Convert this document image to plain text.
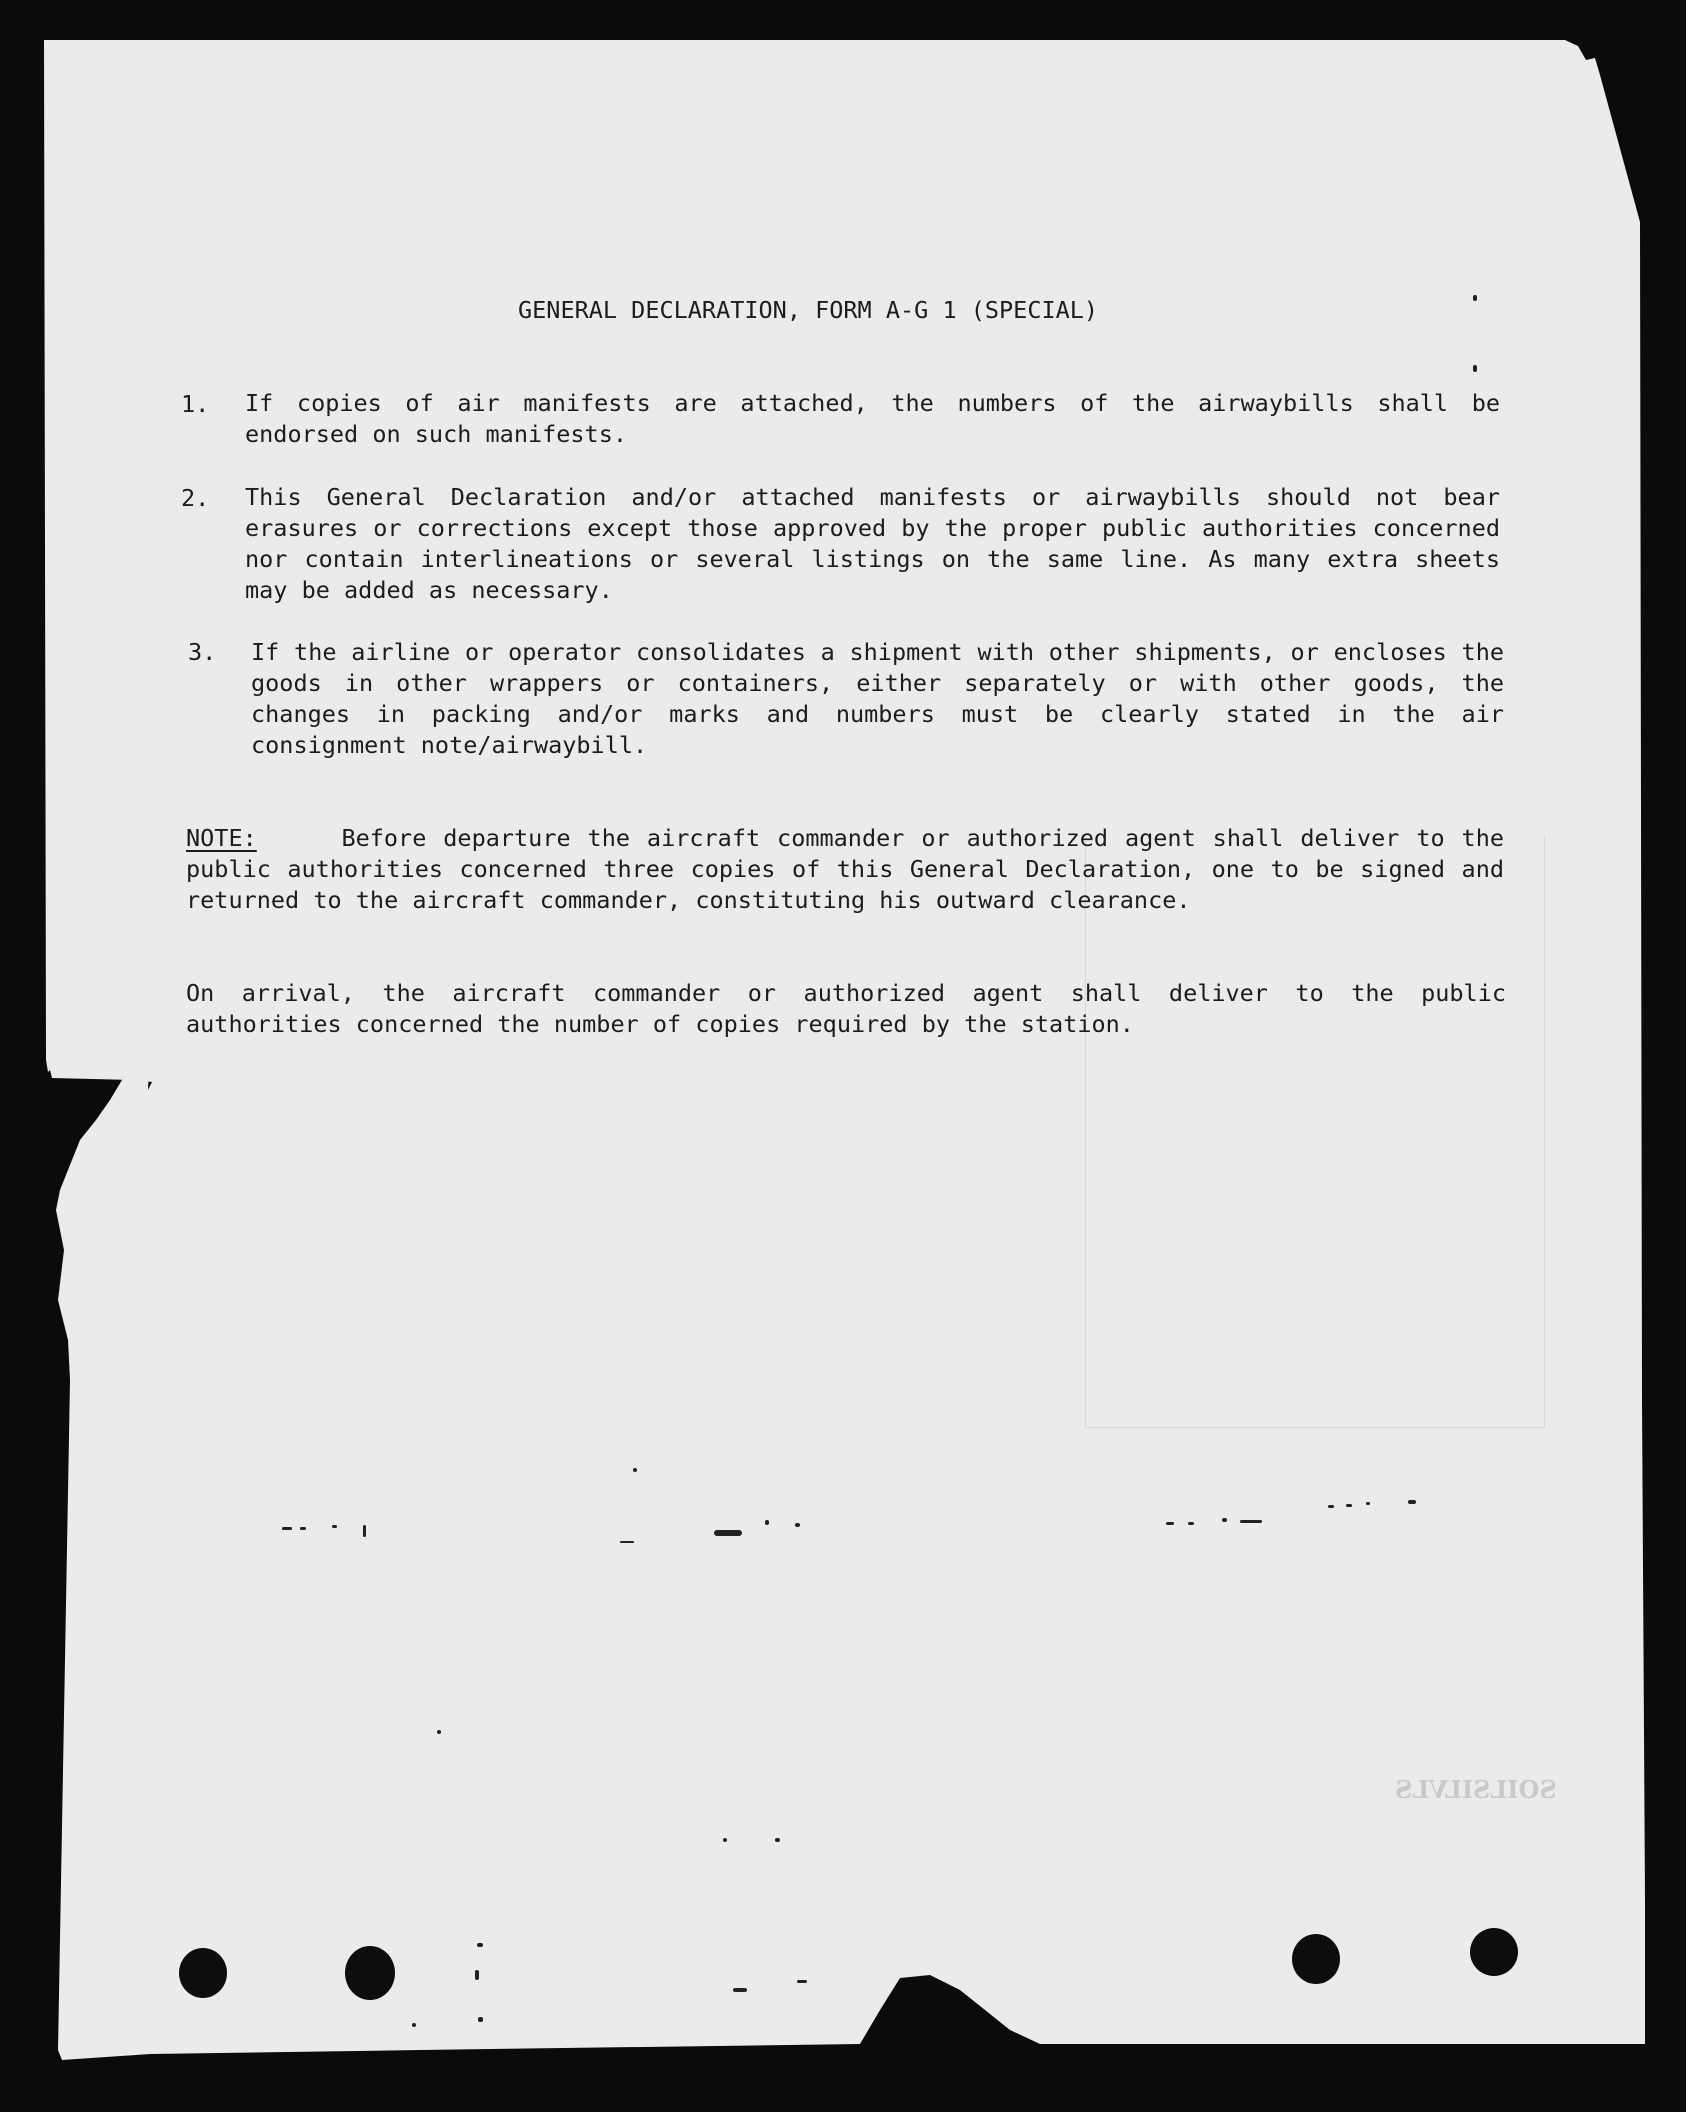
SOILSILVLS
GENERAL DECLARATION, FORM A-G 1 (SPECIAL)
1. If copies of air manifests are attached, the numbers of the airwaybills shall be endorsed on such manifests.
2. This General Declaration and/or attached manifests or airwaybills should not bear erasures or corrections except those approved by the proper public authorities concerned nor contain interlineations or several listings on the same line. As many extra sheets may be added as necessary.
3. If the airline or operator consolidates a shipment with other shipments, or encloses the goods in other wrappers or containers, either separately or with other goods, the changes in packing and/or marks and numbers must be clearly stated in the air consignment note/airwaybill.
NOTE:	Before departure the aircraft commander or authorized agent shall deliver to the public authorities concerned three copies of this General Declaration, one to be signed and returned to the aircraft commander, constituting his outward clearance.
On arrival, the aircraft commander or authorized agent shall deliver to the public authorities concerned the number of copies required by the station.
